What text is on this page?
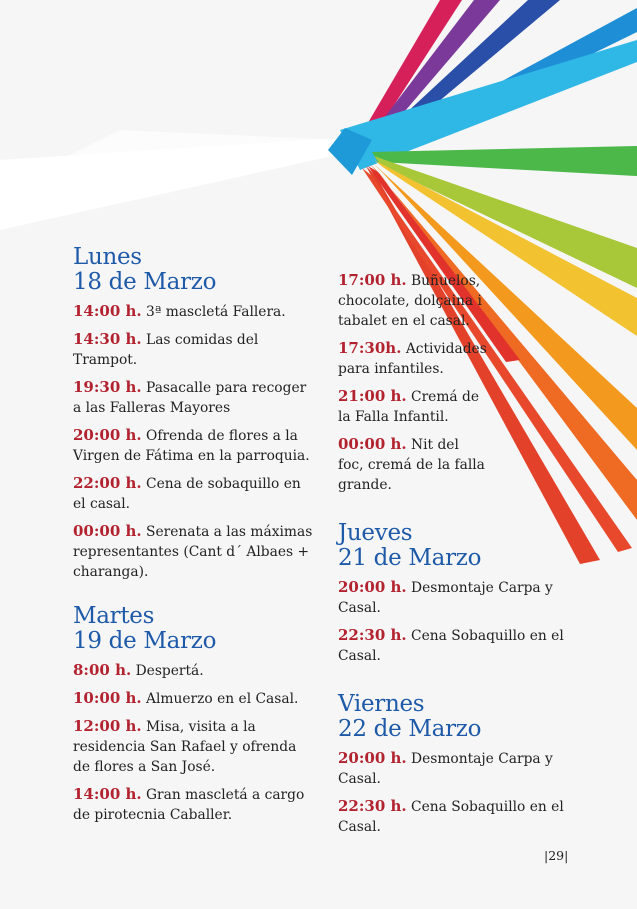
Lunes
18 de Marzo

14:00 h. 3ª mascletá Fallera.

14:30 h. Las comidas del Trampot.

19:30 h. Pasacalle para recoger a las Falleras Mayores

20:00 h. Ofrenda de flores a la Virgen de Fátima en la parroquia.

22:00 h. Cena de sobaquillo en el casal.

00:00 h. Serenata a las máximas representantes (Cant d´ Albaes + charanga).

Martes
19 de Marzo

8:00 h. Despertá.

10:00 h. Almuerzo en el Casal.

12:00 h. Misa, visita a la residencia San Rafael y ofrenda de flores a San José.

14:00 h. Gran mascletá a cargo de pirotecnia Caballer.

17:00 h. Buñuelos, chocolate, dolçaina i tabalet en el casal.

17:30h. Actividades para infantiles.

21:00 h. Cremá de la Falla Infantil.

00:00 h. Nit del foc, cremá de la falla grande.

Jueves
21 de Marzo

20:00 h. Desmontaje Carpa y Casal.

22:30 h. Cena Sobaquillo en el Casal.

Viernes
22 de Marzo

20:00 h. Desmontaje Carpa y Casal.

22:30 h. Cena Sobaquillo en el Casal.

|29|
